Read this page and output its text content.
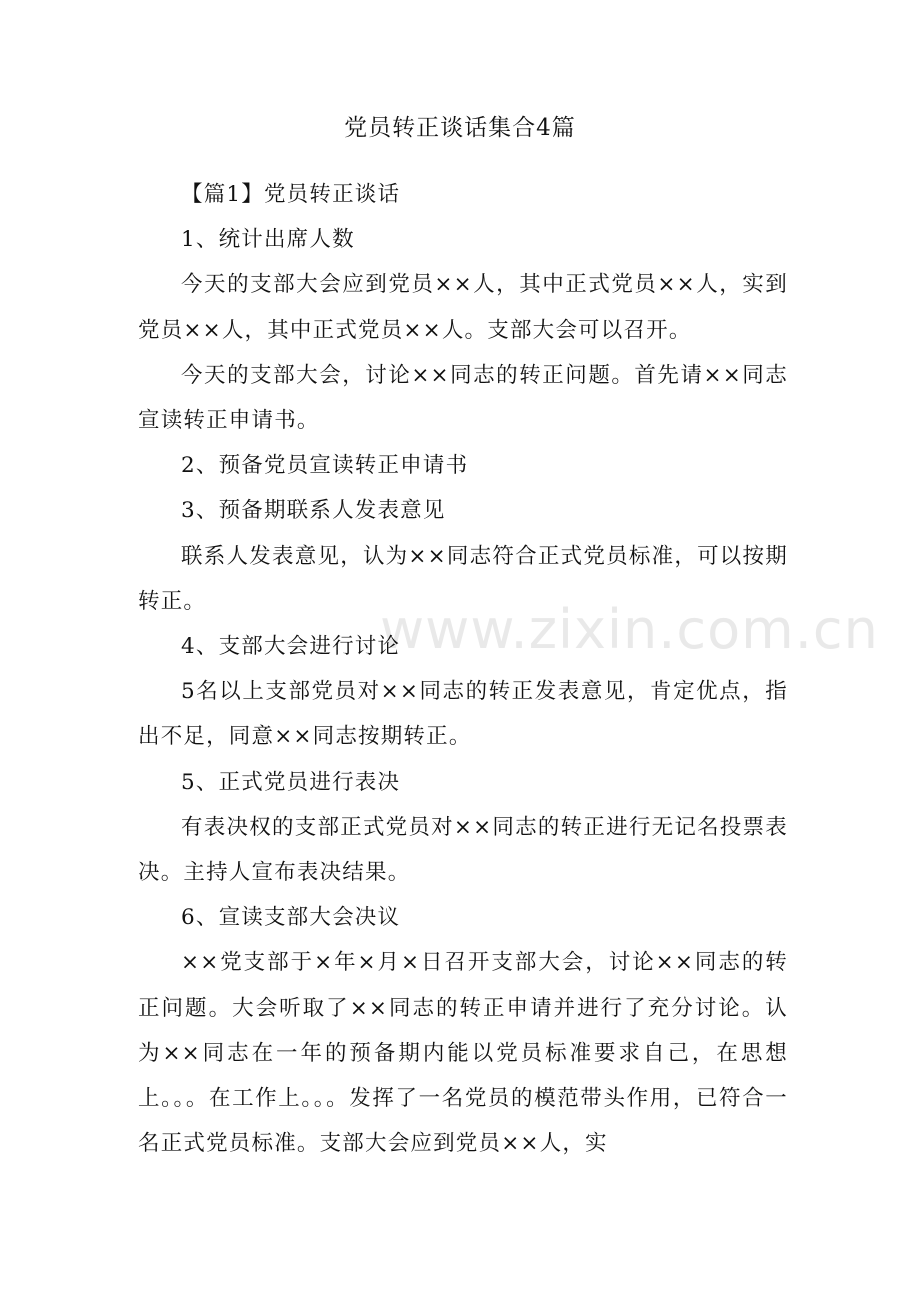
www.zixin.com.cn
党员转正谈话集合4篇

【篇1】党员转正谈话

1、统计出席人数

今天的支部大会应到党员××人，其中正式党员××人，实到党员××人，其中正式党员××人。支部大会可以召开。

今天的支部大会，讨论××同志的转正问题。首先请××同志宣读转正申请书。

2、预备党员宣读转正申请书

3、预备期联系人发表意见

联系人发表意见，认为××同志符合正式党员标准，可以按期转正。

4、支部大会进行讨论

5名以上支部党员对××同志的转正发表意见，肯定优点，指出不足，同意××同志按期转正。

5、正式党员进行表决

有表决权的支部正式党员对××同志的转正进行无记名投票表决。主持人宣布表决结果。

6、宣读支部大会决议

××党支部于×年×月×日召开支部大会，讨论××同志的转正问题。大会听取了××同志的转正申请并进行了充分讨论。认为××同志在一年的预备期内能以党员标准要求自己，在思想上。。。在工作上。。。发挥了一名党员的模范带头作用，已符合一名正式党员标准。支部大会应到党员××人，实
